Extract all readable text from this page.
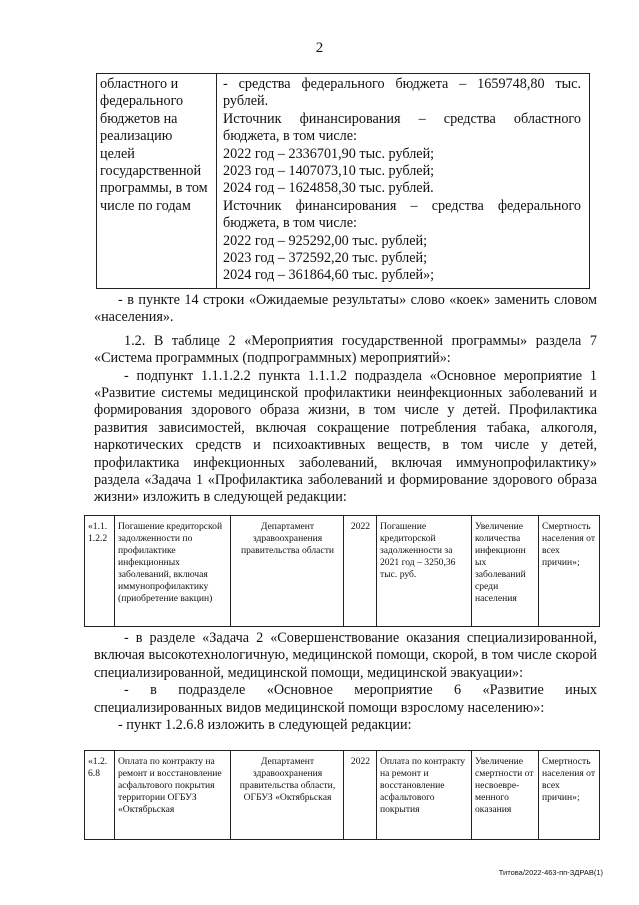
2
областного и
федерального
бюджетов на
реализацию
целей
государственной
программы, в том
числе по годам
- средства федерального бюджета – 1659748,80 тыс.
рублей.
Источник финансирования – средства областного
бюджета, в том числе:
2022 год – 2336701,90 тыс. рублей;
2023 год – 1407073,10 тыс. рублей;
2024 год – 1624858,30 тыс. рублей.
Источник финансирования – средства федерального
бюджета, в том числе:
2022 год – 925292,00 тыс. рублей;
2023 год – 372592,20 тыс. рублей;
2024 год – 361864,60 тыс. рублей»;

- в пункте 14 строки «Ожидаемые результаты» слово «коек» заменить словом «населения».

1.2. В таблице 2 «Мероприятия государственной программы» раздела 7 «Система программных (подпрограммных) мероприятий»:

- подпункт 1.1.1.2.2 пункта 1.1.1.2 подраздела «Основное мероприятие 1 «Развитие системы медицинской профилактики неинфекционных заболеваний и формирования здорового образа жизни, в том числе у детей. Профилактика развития зависимостей, включая сокращение потребления табака, алкоголя, наркотических средств и психоактивных веществ, в том числе у детей, профилактика инфекционных заболеваний, включая иммунопрофилактику» раздела «Задача 1 «Профилактика заболеваний и формирование здорового образа жизни» изложить в следующей редакции:

«1.1.
1.2.2
Погашение кредиторской задолженности по профилактике инфекционных заболеваний, включая иммунопрофилактику (приобретение вакцин)
Департамент здравоохранения правительства области
2022	Погашение кредиторской задолженности за 2021 год – 3250,36 тыс. руб.
Увеличение количества инфекционн ых заболеваний среди населения
Смертность населения от всех причин»;

- в разделе «Задача 2 «Совершенствование оказания специализированной, включая высокотехнологичную, медицинской помощи, скорой, в том числе скорой специализированной, медицинской помощи, медицинской эвакуации»:

- в подразделе «Основное мероприятие 6 «Развитие иных специализированных видов медицинской помощи взрослому населению»:

- пункт 1.2.6.8 изложить в следующей редакции:

«1.2.
6.8
Оплата по контракту на ремонт и восстановление асфальтового покрытия территории ОГБУЗ «Октябрьская
Департамент здравоохранения правительства области, ОГБУЗ «Октябрьская
2022	Оплата по контракту на ремонт и восстановление асфальтового покрытия
Увеличение смертности от несвоевре-менного оказания
Смертность населения от всех причин»;
Титова/2022-463-пп-ЗДРАВ(1)
